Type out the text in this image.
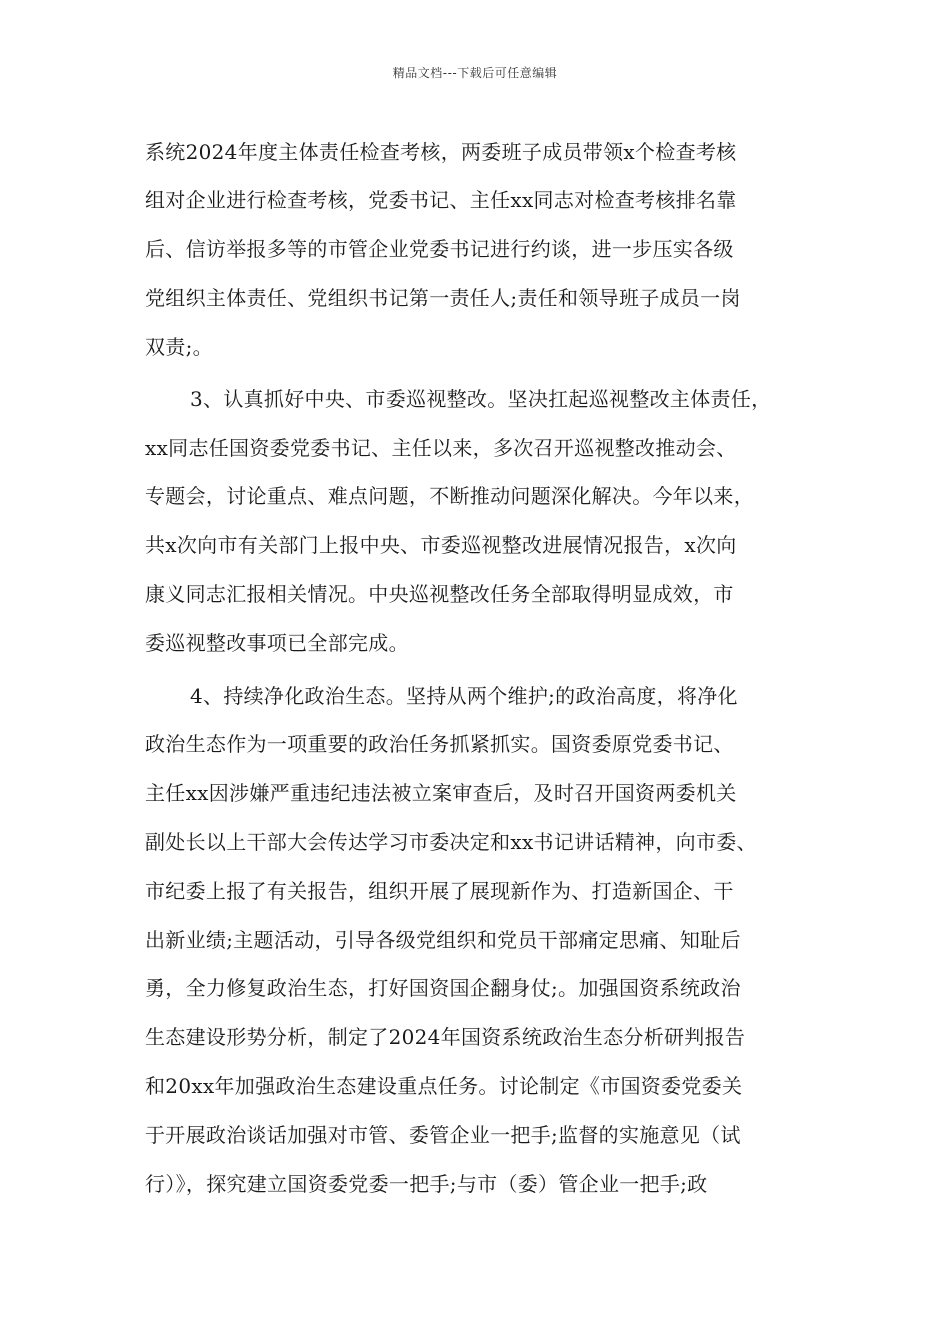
精品文档---下载后可任意编辑
系统2024年度主体责任检查考核，两委班子成员带领x个检查考核
组对企业进行检查考核，党委书记、主任xx同志对检查考核排名靠
后、信访举报多等的市管企业党委书记进行约谈，进一步压实各级
党组织主体责任、党组织书记第一责任人;责任和领导班子成员一岗
双责;。
3、认真抓好中央、市委巡视整改。坚决扛起巡视整改主体责任，
xx同志任国资委党委书记、主任以来，多次召开巡视整改推动会、
专题会，讨论重点、难点问题，不断推动问题深化解决。今年以来，
共x次向市有关部门上报中央、市委巡视整改进展情况报告，x次向
康义同志汇报相关情况。中央巡视整改任务全部取得明显成效，市
委巡视整改事项已全部完成。
4、持续净化政治生态。坚持从两个维护;的政治高度，将净化
政治生态作为一项重要的政治任务抓紧抓实。国资委原党委书记、
主任xx因涉嫌严重违纪违法被立案审查后，及时召开国资两委机关
副处长以上干部大会传达学习市委决定和xx书记讲话精神，向市委、
市纪委上报了有关报告，组织开展了展现新作为、打造新国企、干
出新业绩;主题活动，引导各级党组织和党员干部痛定思痛、知耻后
勇，全力修复政治生态，打好国资国企翻身仗;。加强国资系统政治
生态建设形势分析，制定了2024年国资系统政治生态分析研判报告
和20xx年加强政治生态建设重点任务。讨论制定《市国资委党委关
于开展政治谈话加强对市管、委管企业一把手;监督的实施意见（试
行）》，探究建立国资委党委一把手;与市（委）管企业一把手;政
